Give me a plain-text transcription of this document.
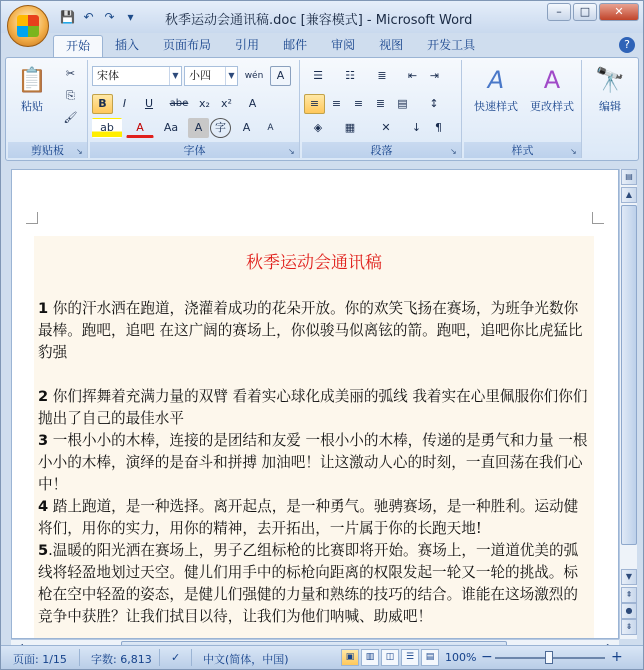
💾 ↶ ↷	▾	秋季运动会通讯稿.doc [兼容模式] - Microsoft Word
–	□	✕
开始	插入	页面布局	引用	邮件	审阅	视图	开发工具	?
📋
粘贴
✂
⎘
🖌
剪贴板	↘
宋体	▼ 小四	▼ wén	A
B	I	U	abe x₂	x²	A
ab	A	Aa	A	字	A	A
字体	↘
☰	☷	≣	⇤	⇥
≡	≡	≡	≣	▤	↕
◈	▦	✕	↓	¶
段落	↘
A
快速样式
A
更改样式
样式	↘
🔭
编辑
秋季运动会通讯稿
1 你的汗水洒在跑道，浇灌着成功的花朵开放。你的欢笑飞扬在赛场，为班争光数你最棒。跑吧，追吧 在这广阔的赛场上，你似骏马似离铉的箭。跑吧，追吧你比虎猛比豹强
2 你们挥舞着充满力量的双臂 看着实心球化成美丽的弧线 我着实在心里佩服你们你们抛出了自己的最佳水平
3 一根小小的木棒，连接的是团结和友爱 一根小小的木棒，传递的是勇气和力量 一根小小的木棒，演绎的是奋斗和拼搏 加油吧！让这激动人心的时刻，一直回荡在我们心中！
4 踏上跑道，是一种选择。离开起点，是一种勇气。驰骋赛场，是一种胜利。运动健将们，用你的实力，用你的精神，去开拓出，一片属于你的长跑天地!
5.温暖的阳光洒在赛场上，男子乙组标枪的比赛即将开始。赛场上，一道道优美的弧线将轻盈地划过天空。健儿们用手中的标枪向距离的权限发起一轮又一轮的挑战。标枪在空中轻盈的姿态，是健儿们强健的力量和熟练的技巧的结合。谁能在这场激烈的竞争中获胜？让我们拭目以待，让我们为他们呐喊、助威吧！
▤
▲
▼
⇞
●
⇟
页面: 1/15 字数: 6,813 ✓ 中文(简体，中国)	▣	▥	◫	☰	▤ 100% −	+
